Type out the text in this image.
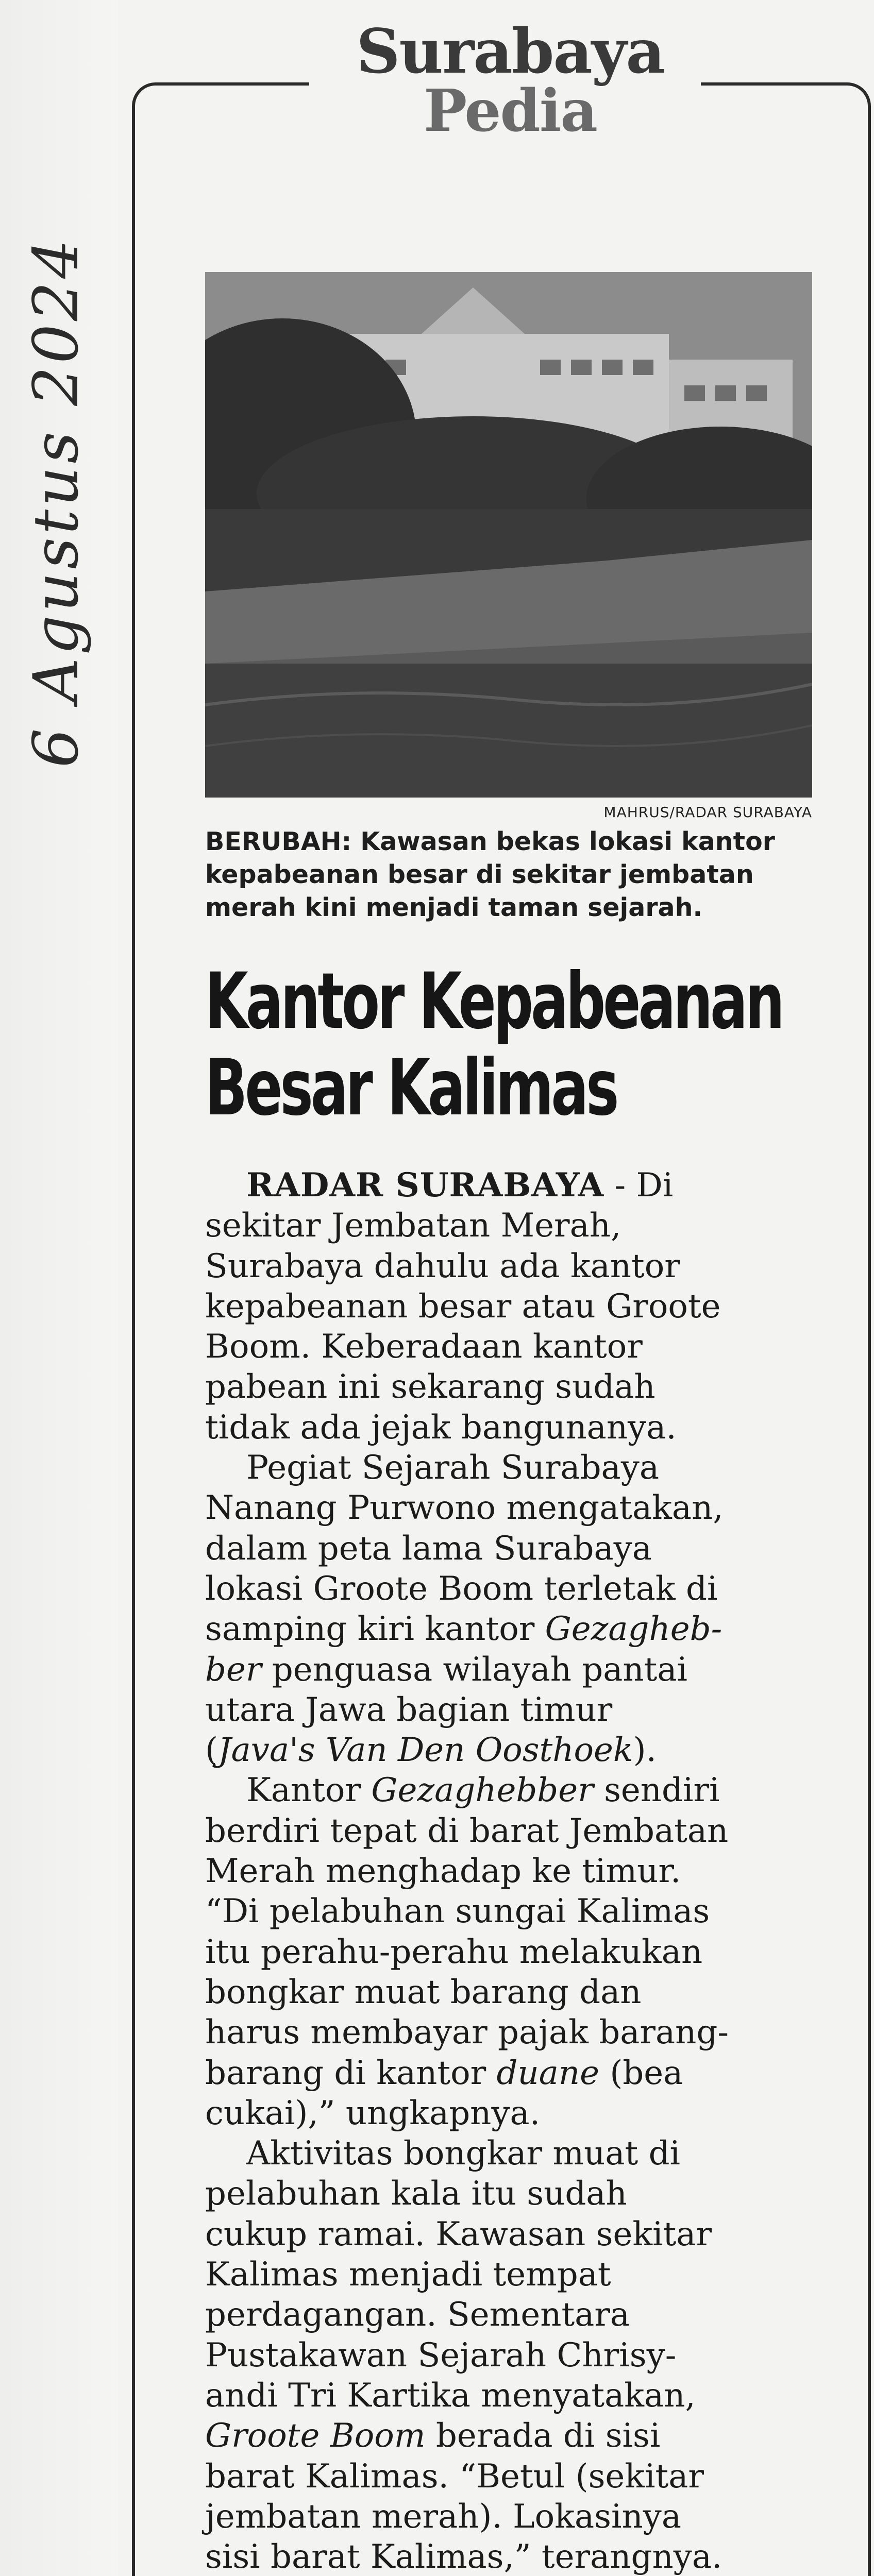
6 Agustus 2024
Surabaya
Pedia
MAHRUS/RADAR SURABAYA
BERUBAH: Kawasan bekas lokasi kantor kepabeanan besar di sekitar jembatan merah kini menjadi taman sejarah.
Kantor Kepabeanan
Besar Kalimas

RADAR SURABAYA - Di
sekitar Jembatan Merah,
Surabaya dahulu ada kantor
kepabeanan besar atau Groote
Boom. Keberadaan kantor
pabean ini sekarang sudah
tidak ada jejak bangunanya.

Pegiat Sejarah Surabaya
Nanang Purwono mengatakan,
dalam peta lama Surabaya
lokasi Groote Boom terletak di
samping kiri kantor Gezagheb-
ber penguasa wilayah pantai
utara Jawa bagian timur
(Java's Van Den Oosthoek).

Kantor Gezaghebber sendiri
berdiri tepat di barat Jembatan
Merah menghadap ke timur.
“Di pelabuhan sungai Kalimas
itu perahu-perahu melakukan
bongkar muat barang dan
harus membayar pajak barang-
barang di kantor duane (bea
cukai),” ungkapnya.

Aktivitas bongkar muat di
pelabuhan kala itu sudah
cukup ramai. Kawasan sekitar
Kalimas menjadi tempat
perdagangan. Sementara
Pustakawan Sejarah Chrisy-
andi Tri Kartika menyatakan,
Groote Boom berada di sisi
barat Kalimas. “Betul (sekitar
jembatan merah). Lokasinya
sisi barat Kalimas,” terangnya.
